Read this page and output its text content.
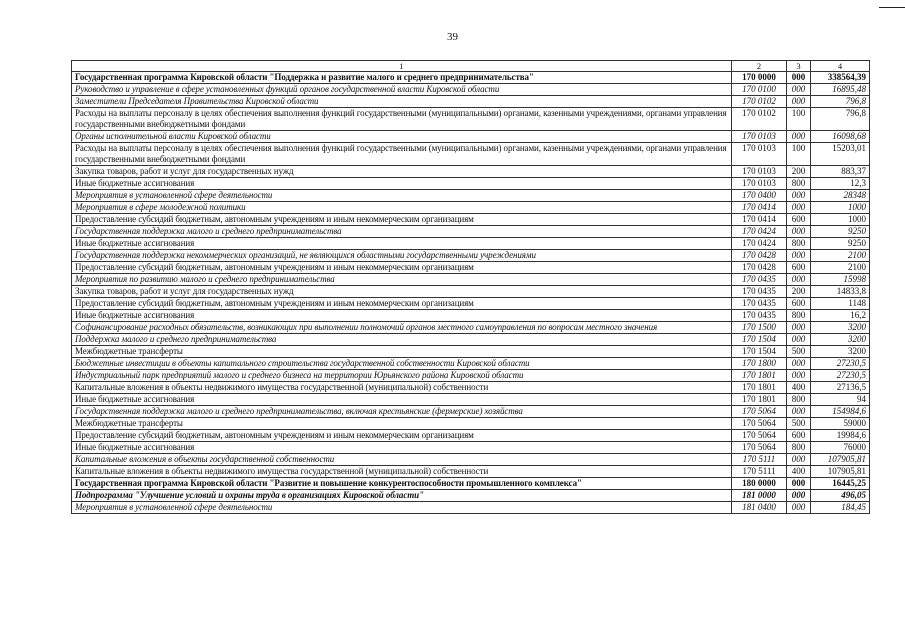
39
1	2	3	4
Государственная программа Кировской области "Поддержка и развитие малого и среднего предпринимательства"	170 0000	000	338564,39
Руководство и управление в сфере установленных функций органов государственной власти Кировской области	170 0100	000	16895,48
Заместители Председателя Правительства Кировской области	170 0102	000	796,8
Расходы на выплаты персоналу в целях обеспечения выполнения функций государственными (муниципальными) органами, казенными учреждениями, органами управления государственными внебюджетными фондами	170 0102	100	796,8
Органы исполнительной власти Кировской области	170 0103	000	16098,68
Расходы на выплаты персоналу в целях обеспечения выполнения функций государственными (муниципальными) органами, казенными учреждениями, органами управления государственными внебюджетными фондами	170 0103	100	15203,01
Закупка товаров, работ и услуг для государственных нужд	170 0103	200	883,37
Иные бюджетные ассигнования	170 0103	800	12,3
Мероприятия в установленной сфере деятельности	170 0400	000	28348
Мероприятия в сфере молодежной политики	170 0414	000	1000
Предоставление субсидий бюджетным, автономным учреждениям и иным некоммерческим организациям	170 0414	600	1000
Государственная поддержка малого и среднего предпринимательства	170 0424	000	9250
Иные бюджетные ассигнования	170 0424	800	9250
Государственная поддержка некоммерческих организаций, не являющихся областными государственными учреждениями	170 0428	000	2100
Предоставление субсидий бюджетным, автономным учреждениям и иным некоммерческим организациям	170 0428	600	2100
Мероприятия по развитию малого и среднего предпринимательства	170 0435	000	15998
Закупка товаров, работ и услуг для государственных нужд	170 0435	200	14833,8
Предоставление субсидий бюджетным, автономным учреждениям и иным некоммерческим организациям	170 0435	600	1148
Иные бюджетные ассигнования	170 0435	800	16,2
Софинансирование расходных обязательств, возникающих при выполнении полномочий органов местного самоуправления по вопросам местного значения	170 1500	000	3200
Поддержка малого и среднего предпринимательства	170 1504	000	3200
Межбюджетные трансферты	170 1504	500	3200
Бюджетные инвестиции в объекты капитального строительства государственной собственности Кировской области	170 1800	000	27230,5
Индустриальный парк предприятий малого и среднего бизнеса на территории Юрьянского района Кировской области	170 1801	000	27230,5
Капитальные вложения в объекты недвижимого имущества государственной (муниципальной) собственности	170 1801	400	27136,5
Иные бюджетные ассигнования	170 1801	800	94
Государственная поддержка малого и среднего предпринимательства, включая крестьянские (фермерские) хозяйства	170 5064	000	154984,6
Межбюджетные трансферты	170 5064	500	59000
Предоставление субсидий бюджетным, автономным учреждениям и иным некоммерческим организациям	170 5064	600	19984,6
Иные бюджетные ассигнования	170 5064	800	76000
Капитальные вложения в объекты государственной собственности	170 5111	000	107905,81
Капитальные вложения в объекты недвижимого имущества государственной (муниципальной) собственности	170 5111	400	107905,81
Государственная программа Кировской области "Развитие и повышение конкурентоспособности промышленного комплекса"	180 0000	000	16445,25
Подпрограмма "Улучшение условий и охраны труда в организациях Кировской области"	181 0000	000	496,05
Мероприятия в установленной сфере деятельности	181 0400	000	184,45
